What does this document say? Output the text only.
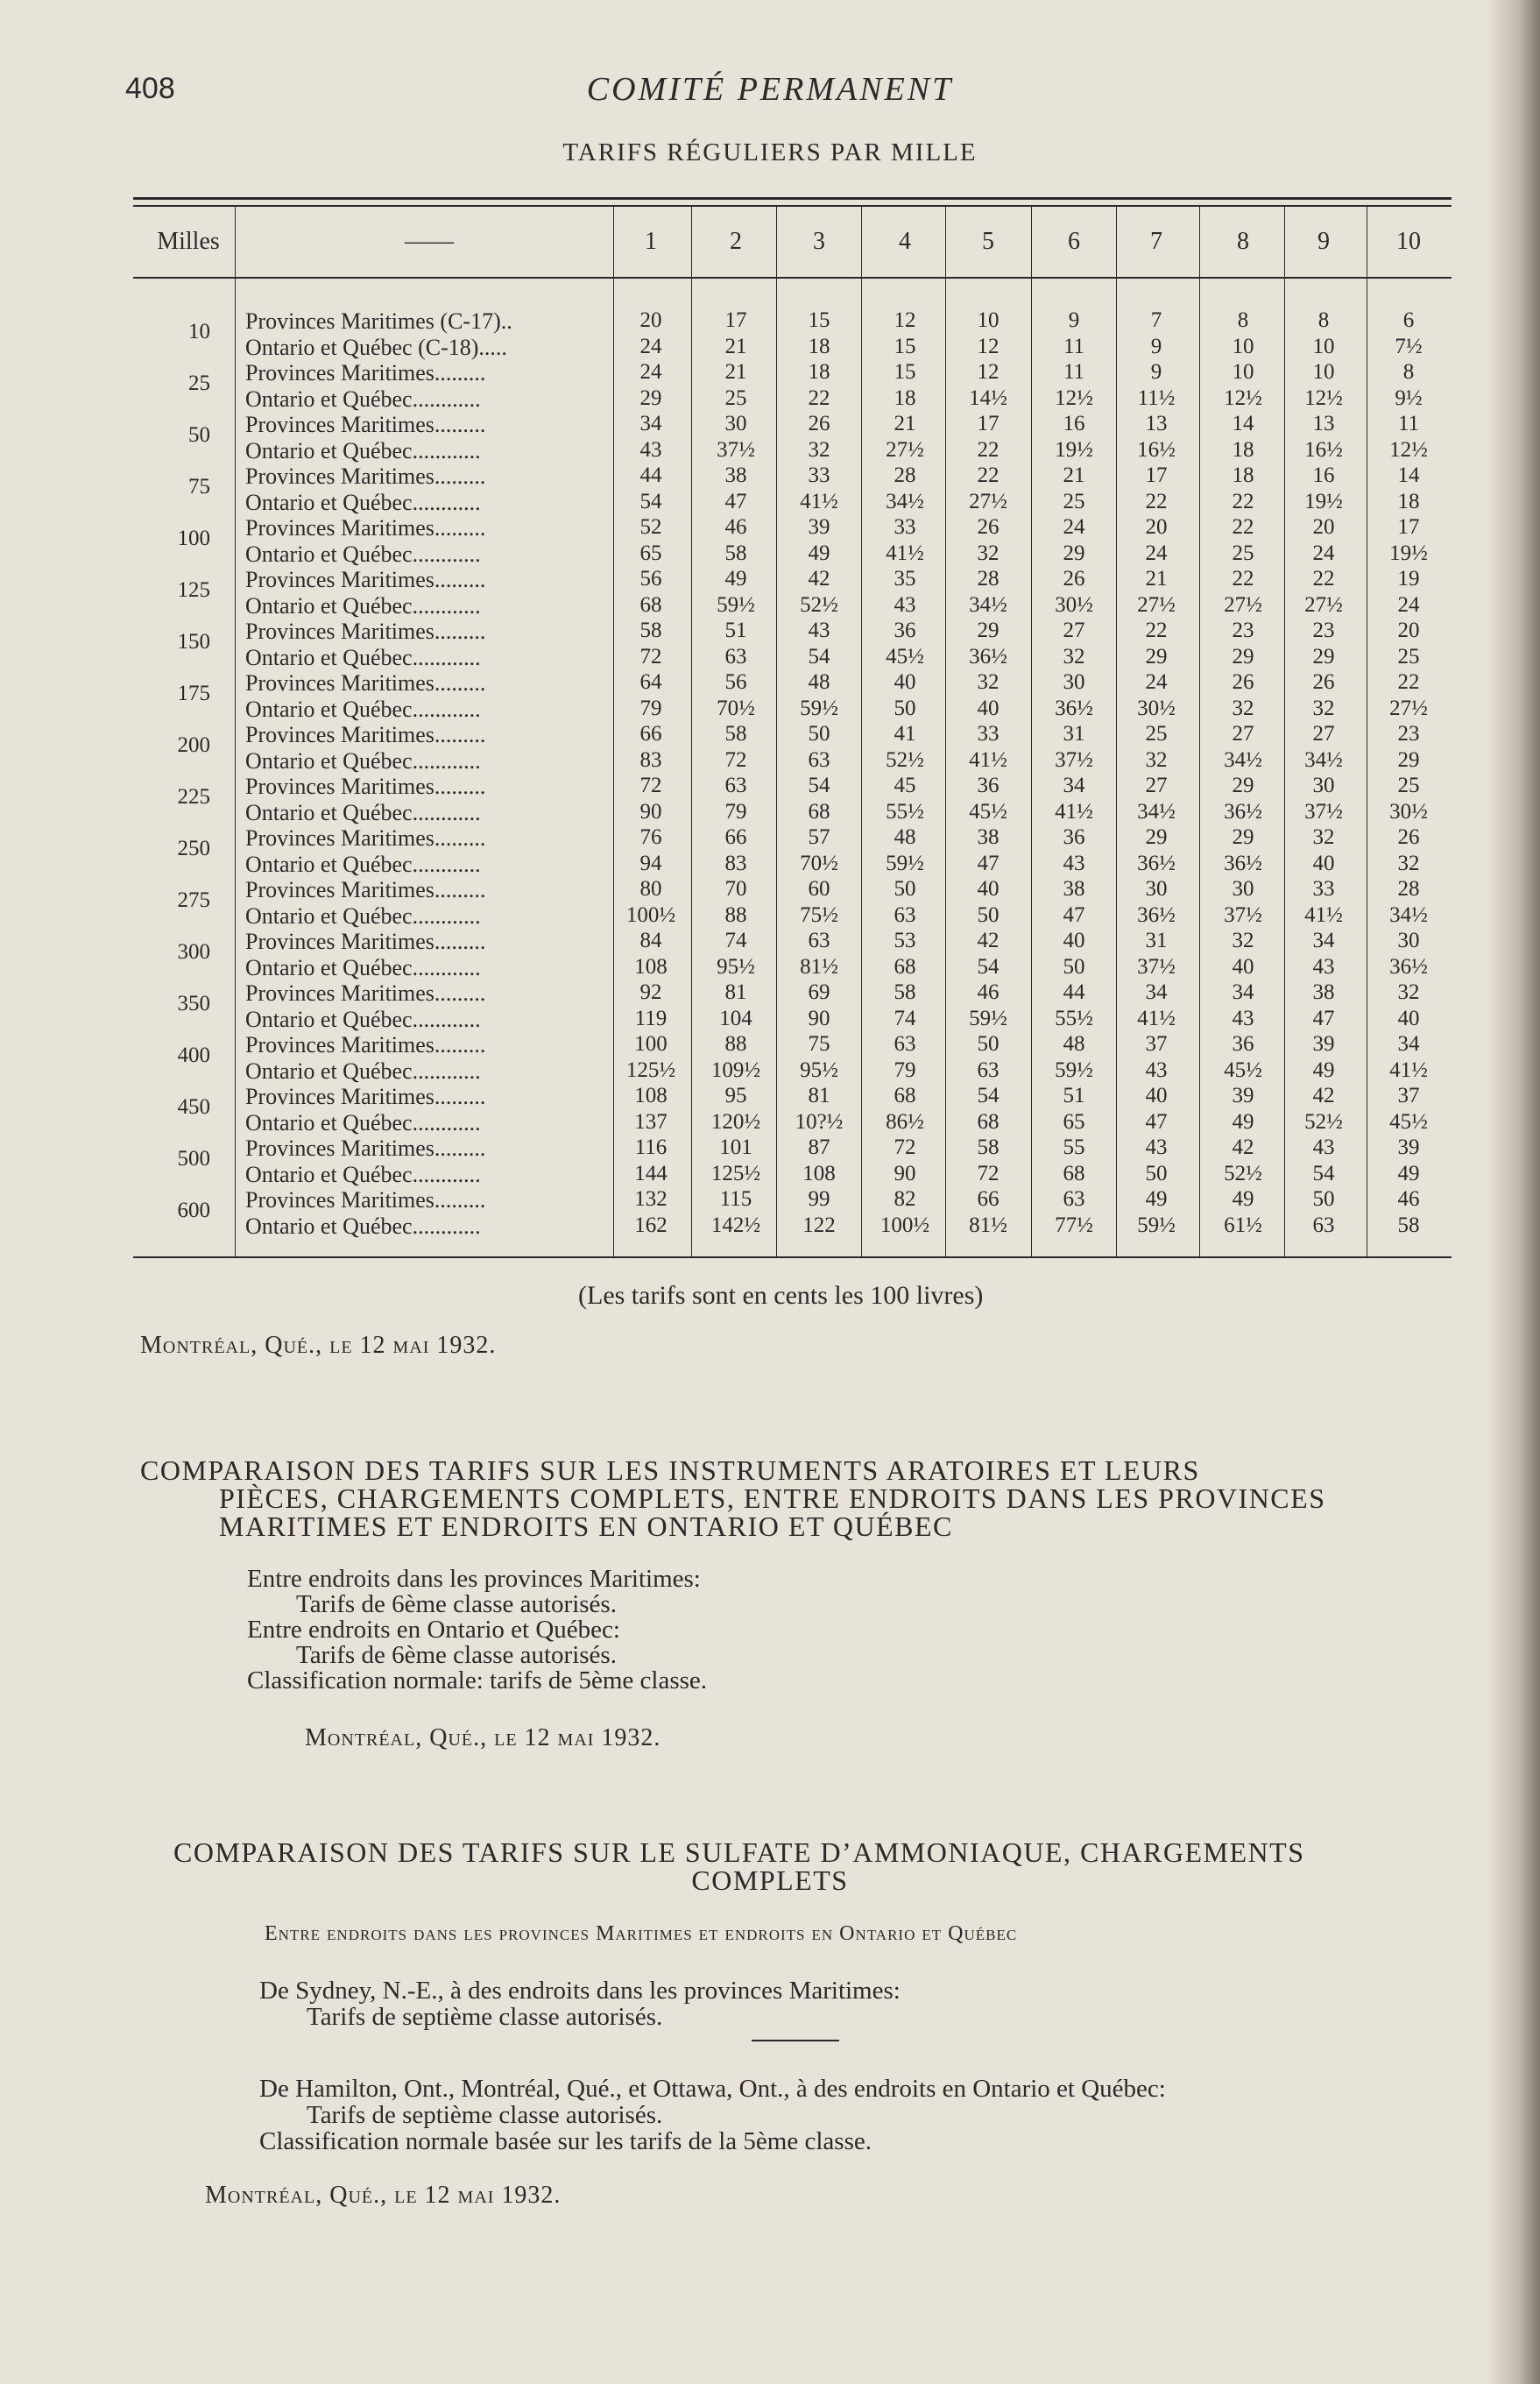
408	COMITÉ PERMANENT
TARIFS RÉGULIERS PAR MILLE
Milles	——	1	2	3	4	5	6	7	8	9	10
10 Provinces Maritimes (C-17)..	20	17	15	12	10	9	7	8	8	6
Ontario et Québec (C-18).....	24	21	18	15	12	11	9	10	10	7½
25 Provinces Maritimes.........	24	21	18	15	12	11	9	10	10	8
Ontario et Québec............	29	25	22	18	14½	12½	11½	12½	12½	9½
50 Provinces Maritimes.........	34	30	26	21	17	16	13	14	13	11
Ontario et Québec............	43	37½	32	27½	22	19½	16½	18	16½	12½
75 Provinces Maritimes.........	44	38	33	28	22	21	17	18	16	14
Ontario et Québec............	54	47	41½	34½	27½	25	22	22	19½	18
100 Provinces Maritimes.........	52	46	39	33	26	24	20	22	20	17
Ontario et Québec............	65	58	49	41½	32	29	24	25	24	19½
125 Provinces Maritimes.........	56	49	42	35	28	26	21	22	22	19
Ontario et Québec............	68	59½	52½	43	34½	30½	27½	27½	27½	24
150 Provinces Maritimes.........	58	51	43	36	29	27	22	23	23	20
Ontario et Québec............	72	63	54	45½	36½	32	29	29	29	25
175 Provinces Maritimes.........	64	56	48	40	32	30	24	26	26	22
Ontario et Québec............	79	70½	59½	50	40	36½	30½	32	32	27½
200 Provinces Maritimes.........	66	58	50	41	33	31	25	27	27	23
Ontario et Québec............	83	72	63	52½	41½	37½	32	34½	34½	29
225 Provinces Maritimes.........	72	63	54	45	36	34	27	29	30	25
Ontario et Québec............	90	79	68	55½	45½	41½	34½	36½	37½	30½
250 Provinces Maritimes.........	76	66	57	48	38	36	29	29	32	26
Ontario et Québec............	94	83	70½	59½	47	43	36½	36½	40	32
275 Provinces Maritimes.........	80	70	60	50	40	38	30	30	33	28
Ontario et Québec............	100½	88	75½	63	50	47	36½	37½	41½	34½
300 Provinces Maritimes.........	84	74	63	53	42	40	31	32	34	30
Ontario et Québec............	108	95½	81½	68	54	50	37½	40	43	36½
350 Provinces Maritimes.........	92	81	69	58	46	44	34	34	38	32
Ontario et Québec............	119	104	90	74	59½	55½	41½	43	47	40
400 Provinces Maritimes.........	100	88	75	63	50	48	37	36	39	34
Ontario et Québec............	125½ 109½	95½	79	63	59½	43	45½	49	41½
450 Provinces Maritimes.........	108	95	81	68	54	51	40	39	42	37
Ontario et Québec............	137	120½	10?½	86½	68	65	47	49	52½	45½
500 Provinces Maritimes.........	116	101	87	72	58	55	43	42	43	39
Ontario et Québec............	144	125½	108	90	72	68	50	52½	54	49
600 Provinces Maritimes.........	132	115	99	82	66	63	49	49	50	46
Ontario et Québec............	162	142½	122	100½	81½	77½	59½	61½	63	58
(Les tarifs sont en cents les 100 livres)
Montréal, Qué., le 12 mai 1932.
COMPARAISON DES TARIFS SUR LES INSTRUMENTS ARATOIRES ET LEURS
PIÈCES, CHARGEMENTS COMPLETS, ENTRE ENDROITS DANS LES PROVINCES
MARITIMES ET ENDROITS EN ONTARIO ET QUÉBEC
Entre endroits dans les provinces Maritimes:
Tarifs de 6ème classe autorisés.
Entre endroits en Ontario et Québec:
Tarifs de 6ème classe autorisés.
Classification normale: tarifs de 5ème classe.
Montréal, Qué., le 12 mai 1932.
COMPARAISON DES TARIFS SUR LE SULFATE D’AMMONIAQUE, CHARGEMENTS
COMPLETS
Entre endroits dans les provinces Maritimes et endroits en Ontario et Québec
De Sydney, N.-E., à des endroits dans les provinces Maritimes:
Tarifs de septième classe autorisés.
De Hamilton, Ont., Montréal, Qué., et Ottawa, Ont., à des endroits en Ontario et Québec:
Tarifs de septième classe autorisés.
Classification normale basée sur les tarifs de la 5ème classe.
Montréal, Qué., le 12 mai 1932.
